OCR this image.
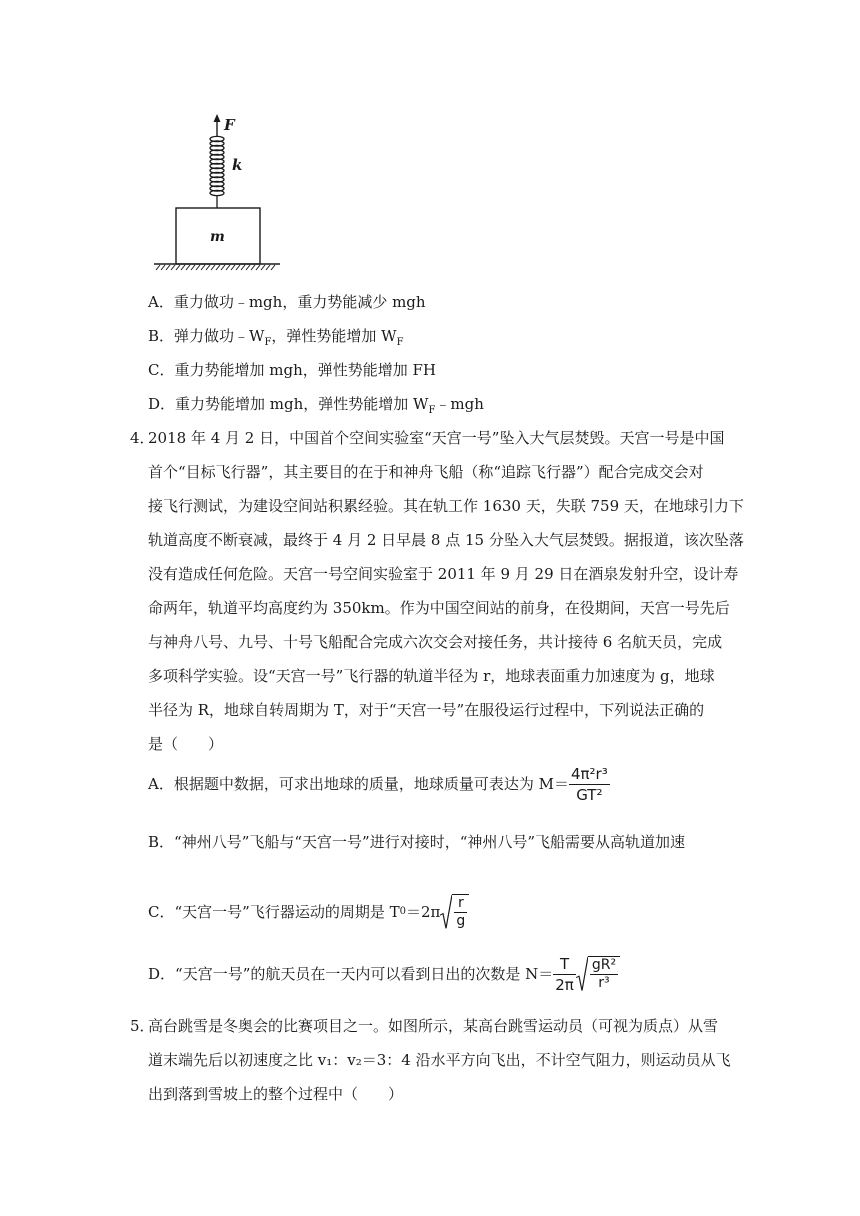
F
k
m
A．重力做功﹣mgh，重力势能减少 mgh
B．弹力做功$﹣W_F$，弹性势能增加 $W_F$
C．重力势能增加 mgh，弹性势能增加 FH
D．重力势能增加 mgh，弹性势能增加 $W_F﹣mgh$
4．
2018 年 4 月 2 日，中国首个空间实验室“天宫一号”坠入大气层焚毁。天宫一号是中国
首个“目标飞行器”，其主要目的在于和神舟飞船（称“追踪飞行器”）配合完成交会对
接飞行测试，为建设空间站积累经验。其在轨工作 1630 天，失联 759 天，在地球引力下
轨道高度不断衰减，最终于 4 月 2 日早晨 8 点 15 分坠入大气层焚毁。据报道，该次坠落
没有造成任何危险。天宫一号空间实验室于 2011 年 9 月 29 日在酒泉发射升空，设计寿
命两年，轨道平均高度约为 350km。作为中国空间站的前身，在役期间，天宫一号先后
与神舟八号、九号、十号飞船配合完成六次交会对接任务，共计接待 6 名航天员，完成
多项科学实验。设“天宫一号”飞行器的轨道半径为 r，地球表面重力加速度为 g，地球
半径为 R，地球自转周期为 T，对于“天宫一号”在服役运行过程中，下列说法正确的
是（　　）
A．根据题中数据，可求出地球的质量，地球质量可表达为 $M= \frac{\text{4π²r³}}{\text{GT²}}$
B．“神州八号”飞船与“天宫一号”进行对接时，“神州八号”飞船需要从高轨道加速
C．“天宫一号”飞行器运动的周期是 T $0 =2\pi \frac{r}{g}$
D．“天宫一号”的航天员在一天内可以看到日出的次数是 $N= \frac{T}{2\pi} \frac{\text{gR²}}{\text{r³}}$
5．
高台跳雪是冬奥会的比赛项目之一。如图所示，某高台跳雪运动员（可视为质点）从雪
道末端先后以初速度之比 v₁：v₂＝3：4 沿水平方向飞出，不计空气阻力，则运动员从飞
出到落到雪坡上的整个过程中（　　）
